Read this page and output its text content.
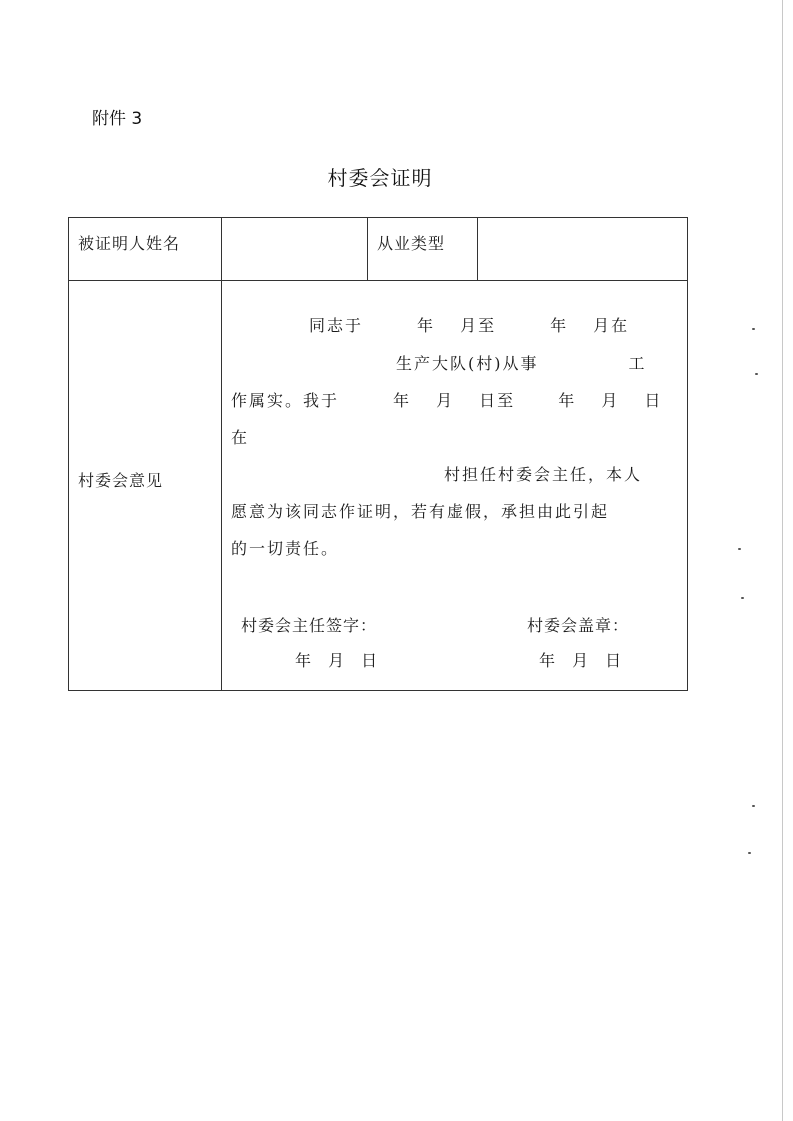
附件 3
村委会证明
被证明人姓名	从业类型
村委会意见
同志于　　　年　 月至　　　年　 月在
生产大队(村)从事　　　　　工
作属实。我于　　　年　 月　 日至　　 年　 月　 日
在
村担任村委会主任，本人
愿意为该同志作证明，若有虚假，承担由此引起
的一切责任。
村委会主任签字：	村委会盖章：
年 月 日	年 月 日
